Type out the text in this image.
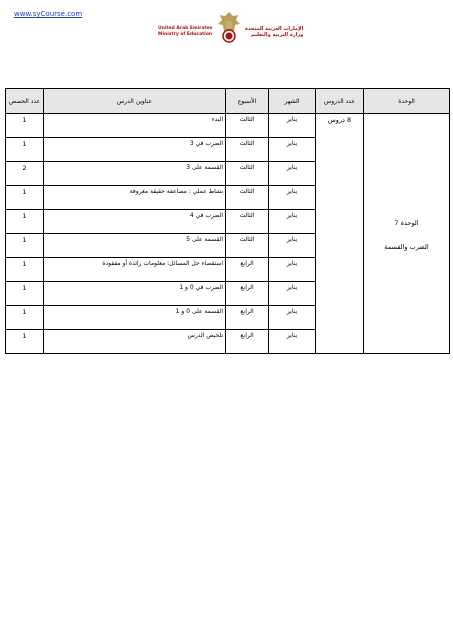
www.syCourse.com
United Arab Emirates
Ministry of Education
الإمارات العربية المتحدة
وزارة التربية والتعليم
الوحدة	عدد الدروس	الشهر	الأسبوع	عناوين الدرس	عدد الحصص

الوحدة 7
الضرب والقسمة	8 دروس	يناير	الثالث	البدء	1
		يناير	الثالث	الضرب في 3	1
		يناير	الثالث	القسمة على 3	2
		يناير	الثالث	نشاط عملي : مضاعفة حقيقة معروفة	1
		يناير	الثالث	الضرب في 4	1
		يناير	الثالث	القسمة على 5	1
		يناير	الرابع	استقصاء حل المسائل: معلومات زائدة أو مفقودة	1
		يناير	الرابع	الضرب في 0 و 1	1
		يناير	الرابع	القسمة على 0 و 1	1
		يناير	الرابع	تلخيص الدرس	1
